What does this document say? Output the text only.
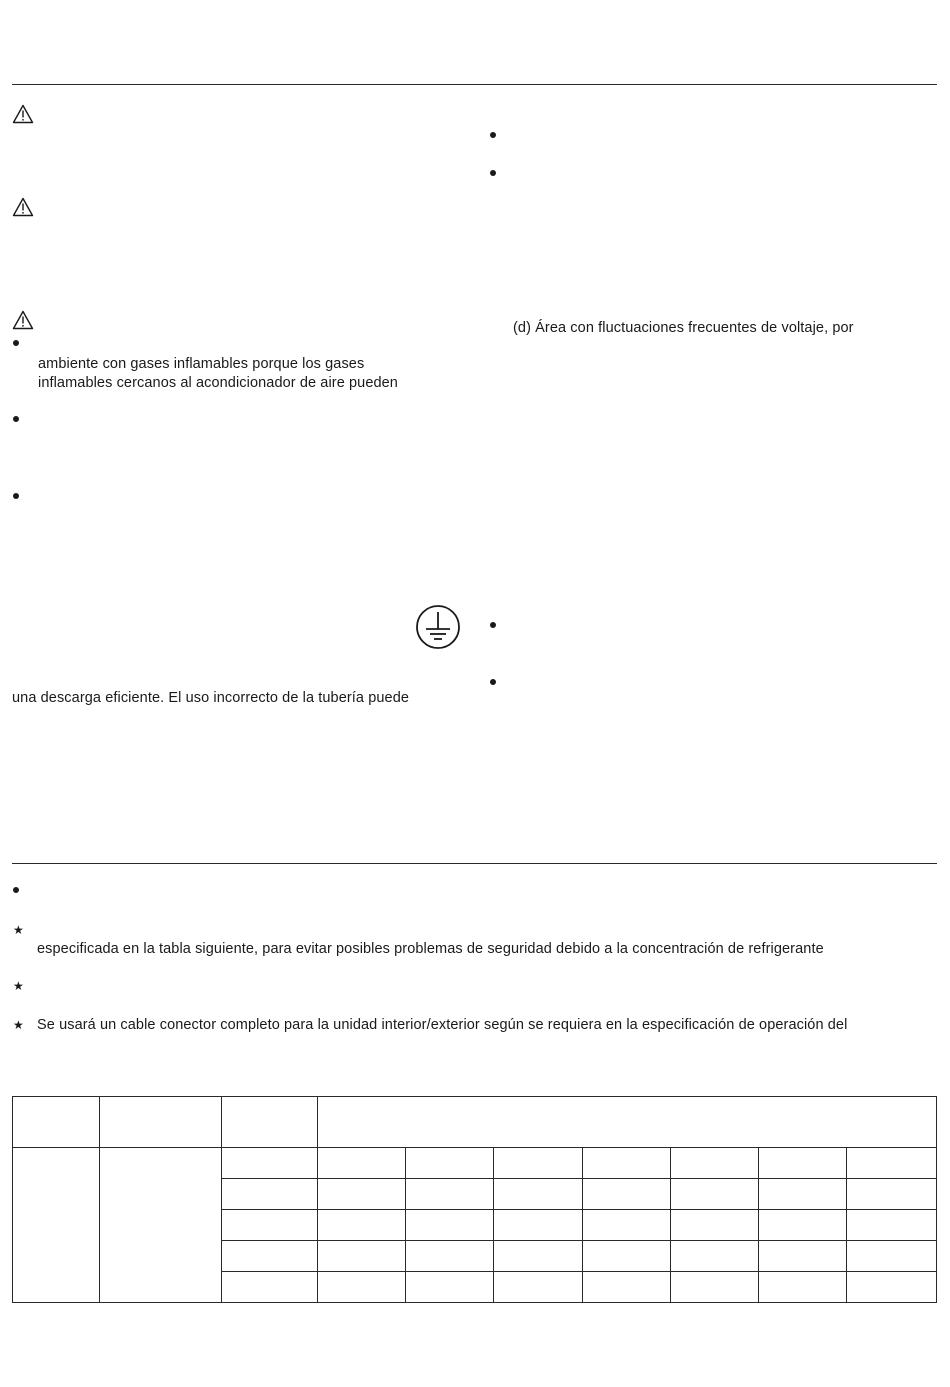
ambiente con gases inflamables porque los gases
inflamables cercanos al acondicionador de aire pueden
una descarga eficiente. El uso incorrecto de la tubería puede
(d) Área con fluctuaciones frecuentes de voltaje, por
★
especificada en la tabla siguiente, para evitar posibles problemas de seguridad debido a la concentración de refrigerante
★
★ Se usará un cable conector completo para la unidad interior/exterior según se requiera en la especificación de operación del
